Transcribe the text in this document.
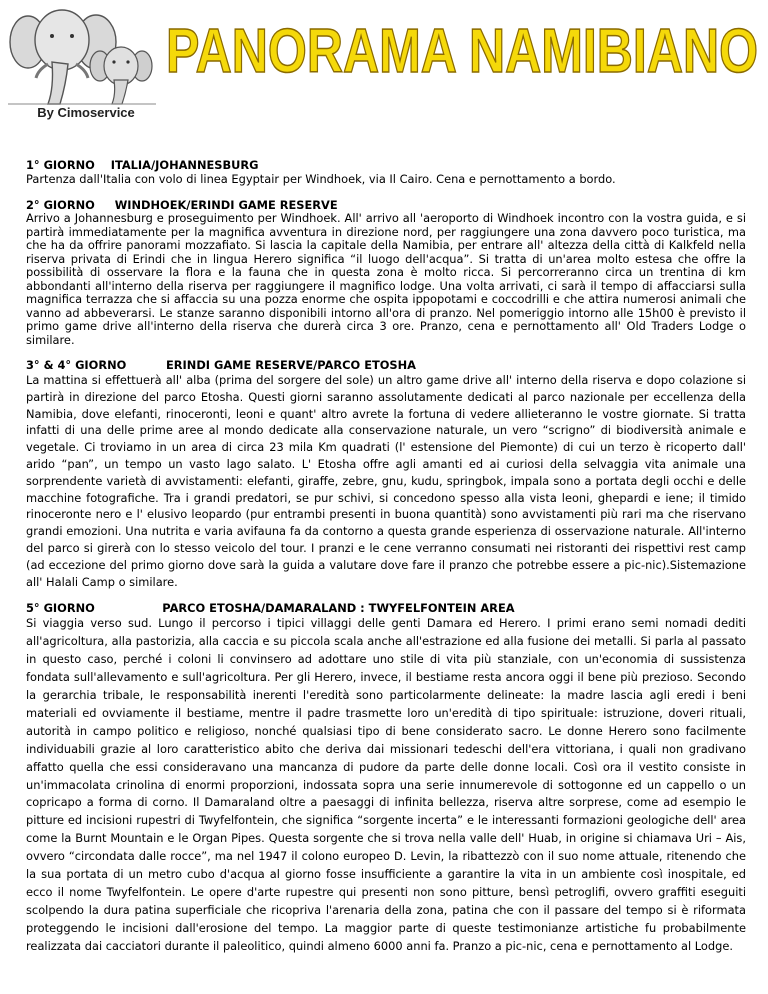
By Cimoservice
PANORAMA NAMIBIANO
1° GIORNO ITALIA/JOHANNESBURG

Partenza dall'Italia con volo di linea Egyptair per Windhoek, via Il Cairo. Cena e pernottamento a bordo.

2° GIORNO WINDHOEK/ERINDI GAME RESERVE

Arrivo a Johannesburg e proseguimento per Windhoek. All' arrivo all 'aeroporto di Windhoek incontro con la vostra guida, e si partirà immediatamente per la magnifica avventura in direzione nord, per raggiungere una zona davvero poco turistica, ma che ha da offrire panorami mozzafiato. Si lascia la capitale della Namibia, per entrare all' altezza della città di Kalkfeld nella riserva privata di Erindi che in lingua Herero significa “il luogo dell'acqua”. Si tratta di un'area molto estesa che offre la possibilità di osservare la flora e la fauna che in questa zona è molto ricca. Si percorreranno circa un trentina di km abbondanti all'interno della riserva per raggiungere il magnifico lodge. Una volta arrivati, ci sarà il tempo di affacciarsi sulla magnifica terrazza che si affaccia su una pozza enorme che ospita ippopotami e coccodrilli e che attira numerosi animali che vanno ad abbeverarsi. Le stanze saranno disponibili intorno all'ora di pranzo. Nel pomeriggio intorno alle 15h00 è previsto il primo game drive all'interno della riserva che durerà circa 3 ore. Pranzo, cena e pernottamento all' Old Traders Lodge o similare.

3° & 4° GIORNO	ERINDI GAME RESERVE/PARCO ETOSHA

La mattina si effettuerà all' alba (prima del sorgere del sole) un altro game drive all' interno della riserva e dopo colazione si partirà in direzione del parco Etosha. Questi giorni saranno assolutamente dedicati al parco nazionale per eccellenza della Namibia, dove elefanti, rinoceronti, leoni e quant' altro avrete la fortuna di vedere allieteranno le vostre giornate. Si tratta infatti di una delle prime aree al mondo dedicate alla conservazione naturale, un vero “scrigno” di biodiversità animale e vegetale. Ci troviamo in un area di circa 23 mila Km quadrati (l' estensione del Piemonte) di cui un terzo è ricoperto dall' arido “pan”, un tempo un vasto lago salato. L' Etosha offre agli amanti ed ai curiosi della selvaggia vita animale una sorprendente varietà di avvistamenti: elefanti, giraffe, zebre, gnu, kudu, springbok, impala sono a portata degli occhi e delle macchine fotografiche. Tra i grandi predatori, se pur schivi, si concedono spesso alla vista leoni, ghepardi e iene; il timido rinoceronte nero e l' elusivo leopardo (pur entrambi presenti in buona quantità) sono avvistamenti più rari ma che riservano grandi emozioni. Una nutrita e varia avifauna fa da contorno a questa grande esperienza di osservazione naturale. All'interno del parco si girerà con lo stesso veicolo del tour. I pranzi e le cene verranno consumati nei ristoranti dei rispettivi rest camp (ad eccezione del primo giorno dove sarà la guida a valutare dove fare il pranzo che potrebbe essere a pic-nic).Sistemazione all' Halali Camp o similare.

5° GIORNO	PARCO ETOSHA/DAMARALAND : TWYFELFONTEIN AREA

Si viaggia verso sud. Lungo il percorso i tipici villaggi delle genti Damara ed Herero. I primi erano semi nomadi dediti all'agricoltura, alla pastorizia, alla caccia e su piccola scala anche all'estrazione ed alla fusione dei metalli. Si parla al passato in questo caso, perché i coloni li convinsero ad adottare uno stile di vita più stanziale, con un'economia di sussistenza fondata sull'allevamento e sull'agricoltura. Per gli Herero, invece, il bestiame resta ancora oggi il bene più prezioso. Secondo la gerarchia tribale, le responsabilità inerenti l'eredità sono particolarmente delineate: la madre lascia agli eredi i beni materiali ed ovviamente il bestiame, mentre il padre trasmette loro un'eredità di tipo spirituale: istruzione, doveri rituali, autorità in campo politico e religioso, nonché qualsiasi tipo di bene considerato sacro. Le donne Herero sono facilmente individuabili grazie al loro caratteristico abito che deriva dai missionari tedeschi dell'era vittoriana, i quali non gradivano affatto quella che essi consideravano una mancanza di pudore da parte delle donne locali. Così ora il vestito consiste in un'immacolata crinolina di enormi proporzioni, indossata sopra una serie innumerevole di sottogonne ed un cappello o un copricapo a forma di corno. Il Damaraland oltre a paesaggi di infinita bellezza, riserva altre sorprese, come ad esempio le pitture ed incisioni rupestri di Twyfelfontein, che significa “sorgente incerta” e le interessanti formazioni geologiche dell' area come la Burnt Mountain e le Organ Pipes. Questa sorgente che si trova nella valle dell' Huab, in origine si chiamava Uri – Ais, ovvero “circondata dalle rocce”, ma nel 1947 il colono europeo D. Levin, la ribattezzò con il suo nome attuale, ritenendo che la sua portata di un metro cubo d'acqua al giorno fosse insufficiente a garantire la vita in un ambiente così inospitale, ed ecco il nome Twyfelfontein. Le opere d'arte rupestre qui presenti non sono pitture, bensì petroglifi, ovvero graffiti eseguiti scolpendo la dura patina superficiale che ricopriva l'arenaria della zona, patina che con il passare del tempo si è riformata proteggendo le incisioni dall'erosione del tempo. La maggior parte di queste testimonianze artistiche fu probabilmente realizzata dai cacciatori durante il paleolitico, quindi almeno 6000 anni fa. Pranzo a pic-nic, cena e pernottamento al Lodge.
